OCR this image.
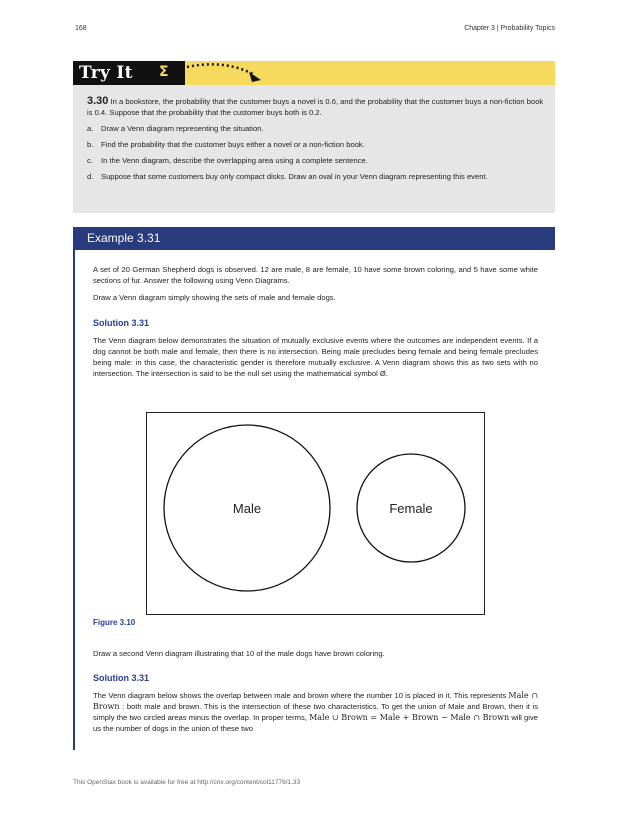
168	Chapter 3 | Probability Topics
Try It	Σ
3.30 In a bookstore, the probability that the customer buys a novel is 0.6, and the probability that the customer buys a non-fiction book is 0.4. Suppose that the probability that the customer buys both is 0.2.
a.	Draw a Venn diagram representing the situation.
b.	Find the probability that the customer buys either a novel or a non-fiction book.
c.	In the Venn diagram, describe the overlapping area using a complete sentence.
d.	Suppose that some customers buy only compact disks. Draw an oval in your Venn diagram representing this event.
Example 3.31
A set of 20 German Shepherd dogs is observed. 12 are male, 8 are female, 10 have some brown coloring, and 5 have some white sections of fur. Answer the following using Venn Diagrams.
Draw a Venn diagram simply showing the sets of male and female dogs.
Solution 3.31
The Venn diagram below demonstrates the situation of mutually exclusive events where the outcomes are independent events. If a dog cannot be both male and female, then there is no intersection. Being male precludes being female and being female precludes being male: in this case, the characteristic gender is therefore mutually exclusive. A Venn diagram shows this as two sets with no intersection. The intersection is said to be the null set using the mathematical symbol Ø.
Male	Female
Figure 3.10
Draw a second Venn diagram illustrating that 10 of the male dogs have brown coloring.
Solution 3.31
The Venn diagram below shows the overlap between male and brown where the number 10 is placed in it. This represents Male ∩ Brown : both male and brown. This is the intersection of these two characteristics. To get the union of Male and Brown, then it is simply the two circled areas minus the overlap. In proper terms, Male ∪ Brown = Male + Brown − Male ∩ Brown will give us the number of dogs in the union of these two
This OpenStax book is available for free at http://cnx.org/content/col11776/1.33
